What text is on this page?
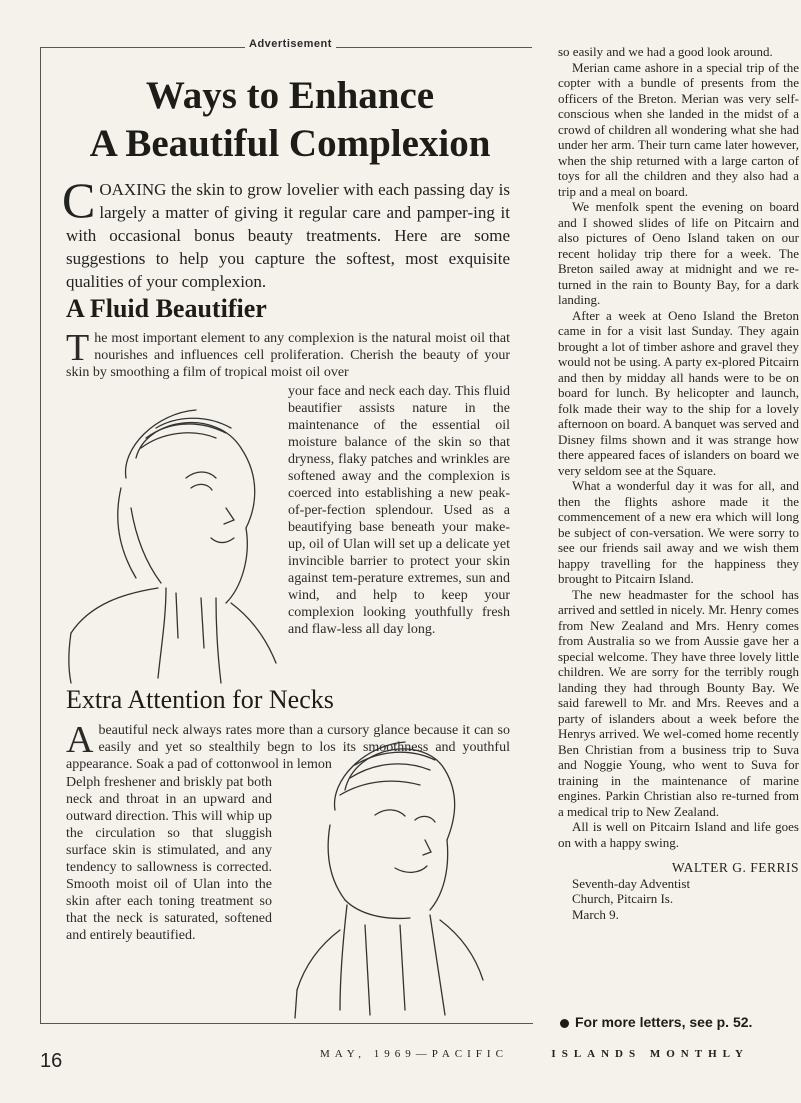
Advertisement
Ways to Enhance
A Beautiful Complexion
COAXING the skin to grow lovelier with each passing day is largely a matter of giving it regular care and pamper-ing it with occasional bonus beauty treatments. Here are some suggestions to help you capture the softest, most exquisite qualities of your complexion.
A Fluid Beautifier
The most important element to any complexion is the natural moist oil that nourishes and influences cell proliferation. Cherish the beauty of your skin by smoothing a film of tropical moist oil over
your face and neck each day. This fluid beautifier assists nature in the maintenance of the essential oil moisture balance of the skin so that dryness, flaky patches and wrinkles are softened away and the complexion is coerced into establishing a new peak-of-per-fection splendour. Used as a beautifying base beneath your make-up, oil of Ulan will set up a delicate yet invincible barrier to protect your skin against tem-perature extremes, sun and wind, and help to keep your complexion looking youthfully fresh and flaw-less all day long.
Extra Attention for Necks
Abeautiful neck always rates more than a cursory glance because it can so easily and yet so stealthily begn to los its smoothness and youthful appearance. Soak a pad of cottonwool in lemon
Delph freshener and briskly pat both neck and throat in an upward and outward direction. This will whip up the circulation so that sluggish surface skin is stimulated, and any tendency to sallowness is corrected. Smooth moist oil of Ulan into the skin after each toning treatment so that the neck is saturated, softened and entirely beautified.

so easily and we had a good look around.

Merian came ashore in a special trip of the copter with a bundle of presents from the officers of the Breton. Merian was very self-conscious when she landed in the midst of a crowd of children all wondering what she had under her arm. Their turn came later however, when the ship returned with a large carton of toys for all the children and they also had a trip and a meal on board.

We menfolk spent the evening on board and I showed slides of life on Pitcairn and also pictures of Oeno Island taken on our recent holiday trip there for a week. The Breton sailed away at midnight and we re-turned in the rain to Bounty Bay, for a dark landing.

After a week at Oeno Island the Breton came in for a visit last Sunday. They again brought a lot of timber ashore and gravel they would not be using. A party ex-plored Pitcairn and then by midday all hands were to be on board for lunch. By helicopter and launch, folk made their way to the ship for a lovely afternoon on board. A banquet was served and Disney films shown and it was strange how there appeared faces of islanders on board we very seldom see at the Square.

What a wonderful day it was for all, and then the flights ashore made it the commencement of a new era which will long be subject of con-versation. We were sorry to see our friends sail away and we wish them happy travelling for the happiness they brought to Pitcairn Island.

The new headmaster for the school has arrived and settled in nicely. Mr. Henry comes from New Zealand and Mrs. Henry comes from Australia so we from Aussie gave her a special welcome. They have three lovely little children. We are sorry for the terribly rough landing they had through Bounty Bay. We said farewell to Mr. and Mrs. Reeves and a party of islanders about a week before the Henrys arrived. We wel-comed home recently Ben Christian from a business trip to Suva and Noggie Young, who went to Suva for training in the maintenance of marine engines. Parkin Christian also re-turned from a medical trip to New Zealand.

All is well on Pitcairn Island and life goes on with a happy swing.

WALTER G. FERRIS

Seventh-day Adventist

Church, Pitcairn Is.

March 9.

For more letters, see p. 52.
16	MAY, 1969—PACIFIC	ISLANDS MONTHLY
